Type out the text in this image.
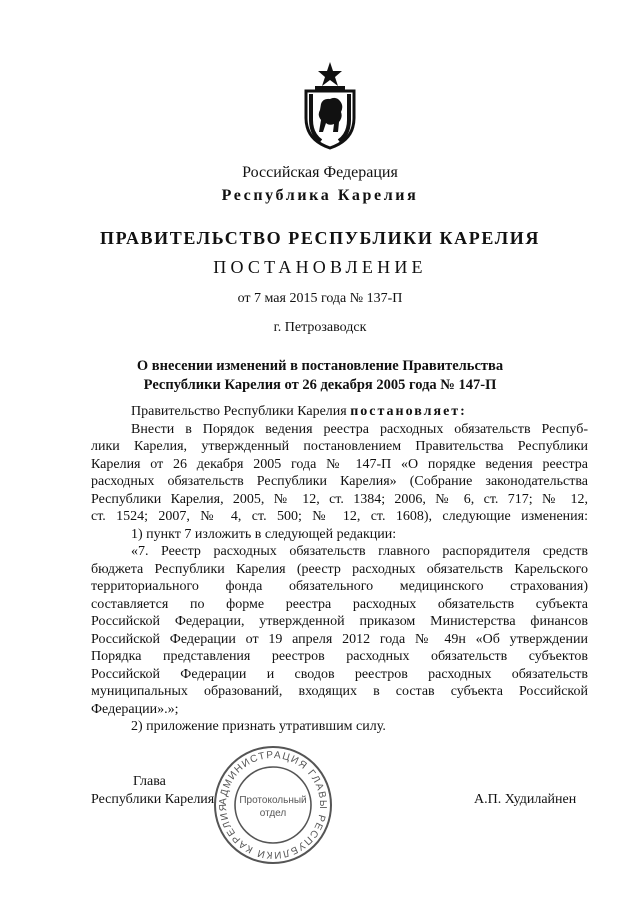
Российская Федерация
Республика Карелия
ПРАВИТЕЛЬСТВО РЕСПУБЛИКИ КАРЕЛИЯ
ПОСТАНОВЛЕНИЕ
от 7 мая 2015 года № 137-П
г. Петрозаводск
О внесении изменений в постановление Правительства
Республики Карелия от 26 декабря 2005 года № 147-П
Правительство Республики Карелия постановляет:
Внести в Порядок ведения реестра расходных обязательств Респуб-
лики Карелия, утвержденный постановлением Правительства Республики
Карелия от 26 декабря 2005 года № 147-П «О порядке ведения реестра
расходных обязательств Республики Карелия» (Собрание законодательства
Республики Карелия, 2005, № 12, ст. 1384; 2006, № 6, ст. 717; № 12,
ст. 1524; 2007, № 4, ст. 500; № 12, ст. 1608), следующие изменения:
1) пункт 7 изложить в следующей редакции:
«7. Реестр расходных обязательств главного распорядителя средств
бюджета Республики Карелия (реестр расходных обязательств Карельского
территориального фонда обязательного медицинского страхования)
составляется по форме реестра расходных обязательств субъекта
Российской Федерации, утвержденной приказом Министерства финансов
Российской Федерации от 19 апреля 2012 года № 49н «Об утверждении
Порядка представления реестров расходных обязательств субъектов
Российской Федерации и сводов реестров расходных обязательств
муниципальных образований, входящих в состав субъекта Российской
Федерации».»;
2) приложение признать утратившим силу.
Глава
Республики Карелия	А.П. Худилайнен
АДМИНИСТРАЦИЯ ГЛАВЫ РЕСПУБЛИКИ КАРЕЛИЯ
Протокольный
отдел
